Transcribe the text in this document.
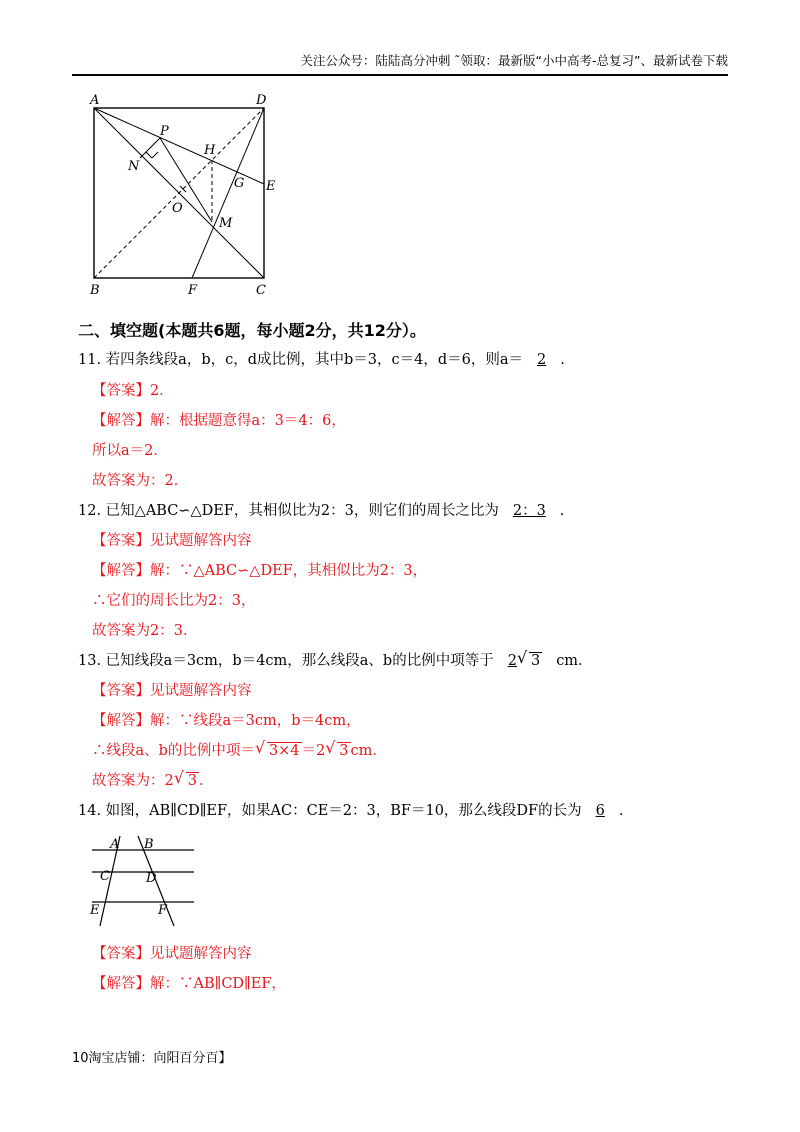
关注公众号：陆陆高分冲刺 ˜领取：最新版“小中高考-总复习”、最新试卷下载
A	D
P
H
N
G E
O
M
B	F	C
二、填空题(本题共6题，每小题2分，共12分）。
11. 若四条线段a，b，c，d成比例，其中b＝3，c＝4，d＝6，则a＝ 2 .
【答案】2．
【解答】解：根据题意得a：3＝4：6，
所以a＝2．
故答案为：2．
12. 已知△ABC∽△DEF，其相似比为2：3，则它们的周长之比为 2：3 .
【答案】见试题解答内容
【解答】解：∵△ABC∽△DEF，其相似比为2：3，
∴它们的周长比为2：3，
故答案为2：3．
13. 已知线段a＝3cm，b＝4cm，那么线段a、b的比例中项等于 2 √ 3 cm．
【答案】见试题解答内容
【解答】解：∵线段a＝3cm，b＝4cm，
∴线段a、b的比例中项＝ √ 3×4 ＝2 √ 3 cm．
故答案为：2 √ 3 ．
14. 如图，AB∥CD∥EF，如果AC：CE＝2：3，BF＝10，那么线段DF的长为 6 .
A B
C	D
E	F
【答案】见试题解答内容
【解答】解：∵AB∥CD∥EF，
10淘宝店铺：向阳百分百】
